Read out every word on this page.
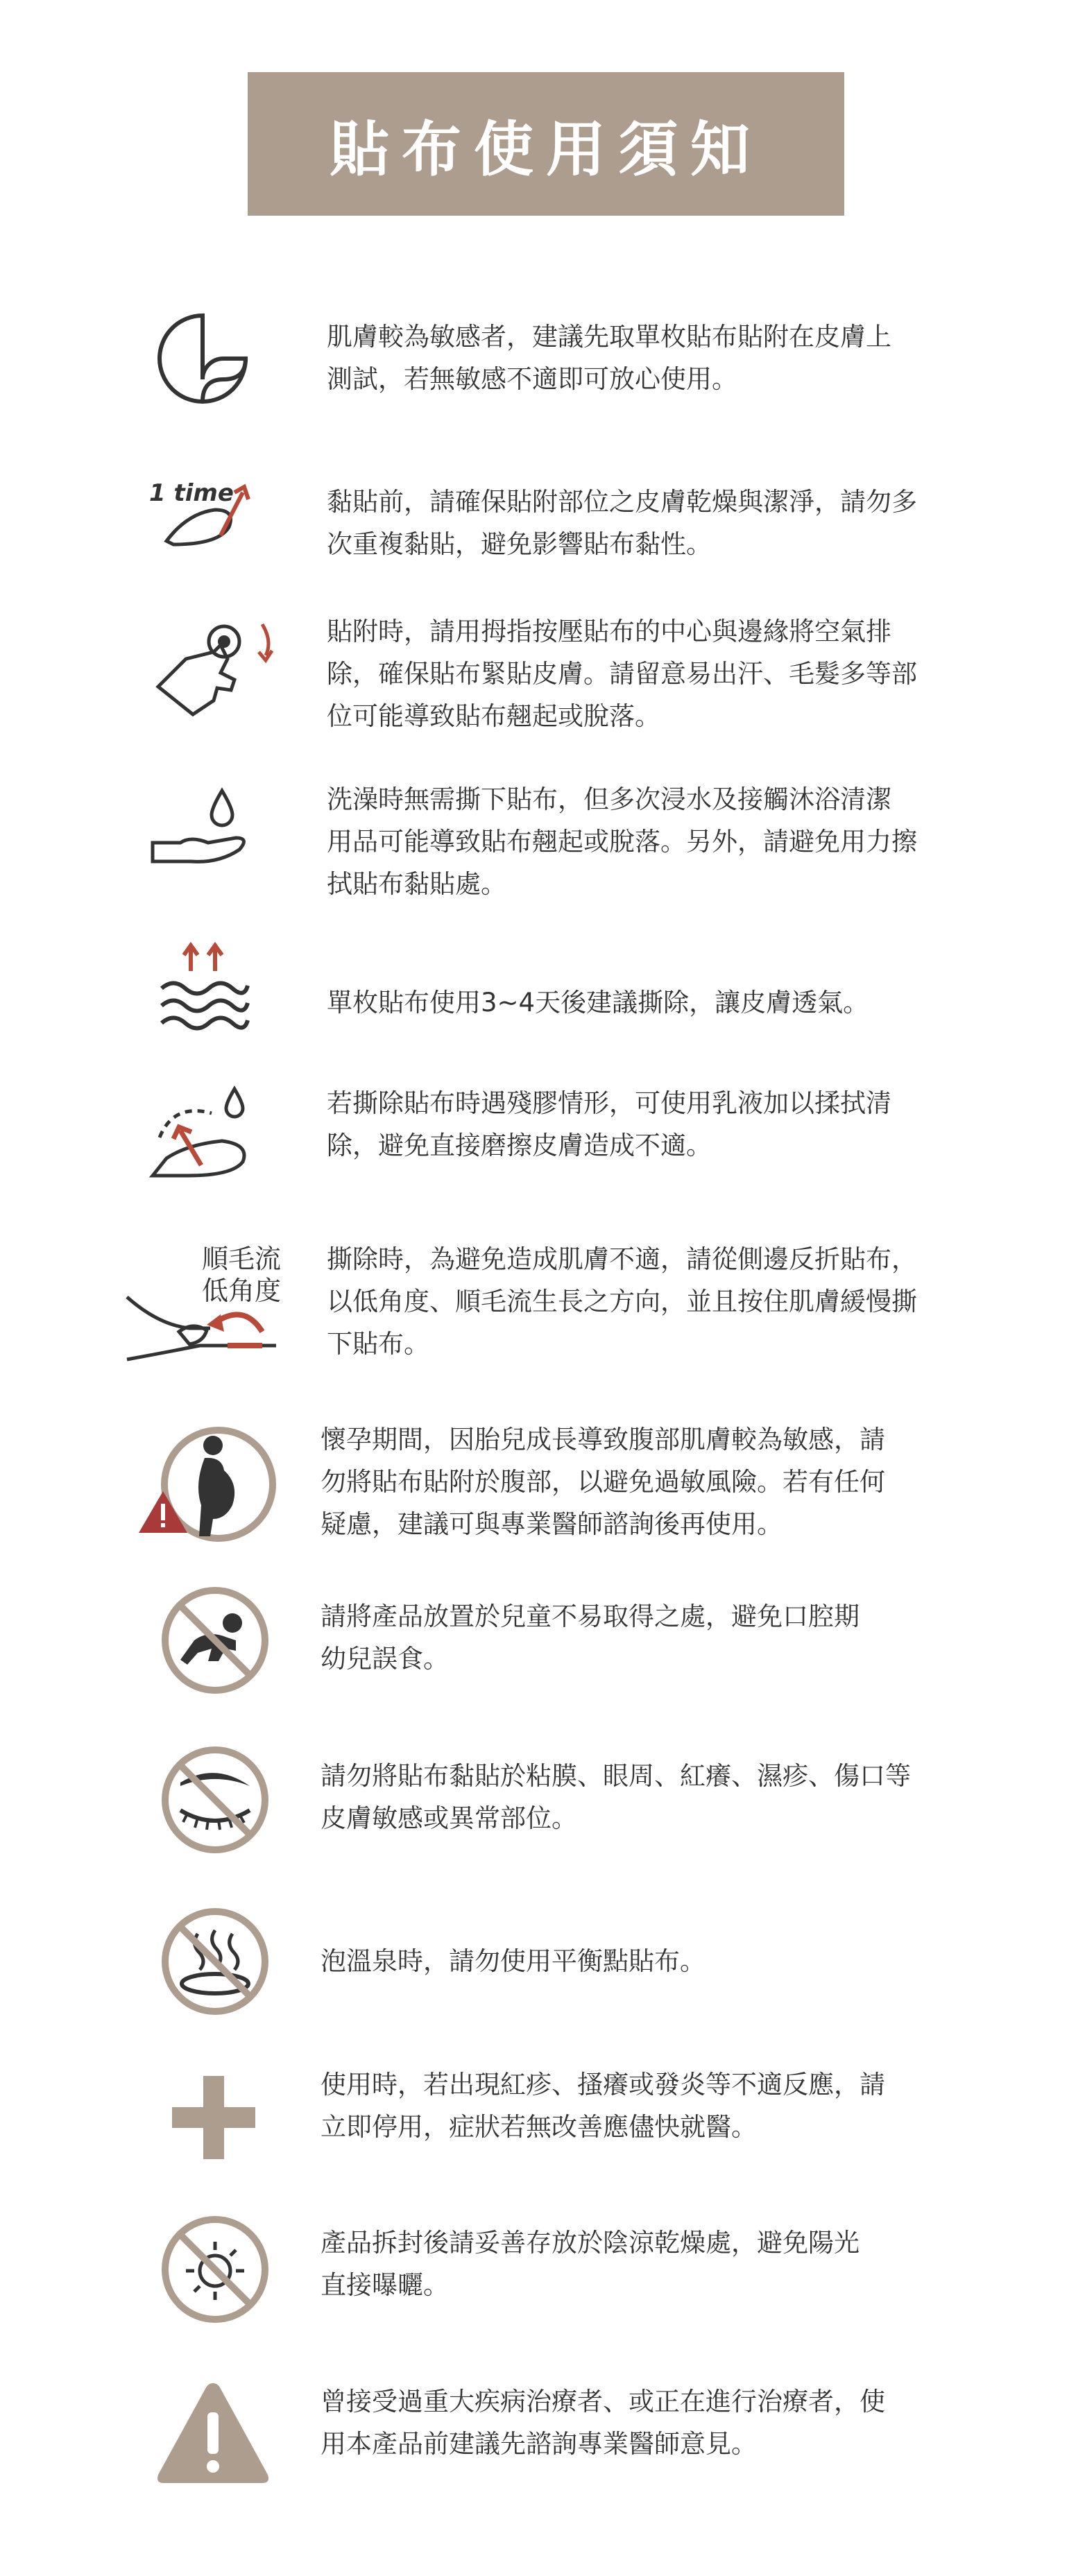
貼布使用須知
肌膚較為敏感者，建議先取單枚貼布貼附在皮膚上
測試，若無敏感不適即可放心使用。
1 time	黏貼前，請確保貼附部位之皮膚乾燥與潔淨，請勿多
次重複黏貼，避免影響貼布黏性。
貼附時，請用拇指按壓貼布的中心與邊緣將空氣排
除，確保貼布緊貼皮膚。請留意易出汗、毛髮多等部
位可能導致貼布翹起或脫落。
洗澡時無需撕下貼布，但多次浸水及接觸沐浴清潔
用品可能導致貼布翹起或脫落。另外，請避免用力擦
拭貼布黏貼處。
單枚貼布使用3~4天後建議撕除，讓皮膚透氣。
若撕除貼布時遇殘膠情形，可使用乳液加以揉拭清
除，避免直接磨擦皮膚造成不適。
順毛流 低角度
撕除時，為避免造成肌膚不適，請從側邊反折貼布，
以低角度、順毛流生長之方向，並且按住肌膚緩慢撕
下貼布。
懷孕期間，因胎兒成長導致腹部肌膚較為敏感，請
勿將貼布貼附於腹部，以避免過敏風險。若有任何
疑慮，建議可與專業醫師諮詢後再使用。
請將產品放置於兒童不易取得之處，避免口腔期
幼兒誤食。
請勿將貼布黏貼於粘膜、眼周、紅癢、濕疹、傷口等
皮膚敏感或異常部位。
泡溫泉時，請勿使用平衡點貼布。
使用時，若出現紅疹、搔癢或發炎等不適反應，請
立即停用，症狀若無改善應儘快就醫。
產品拆封後請妥善存放於陰涼乾燥處，避免陽光
直接曝曬。
曾接受過重大疾病治療者、或正在進行治療者，使
用本產品前建議先諮詢專業醫師意見。
